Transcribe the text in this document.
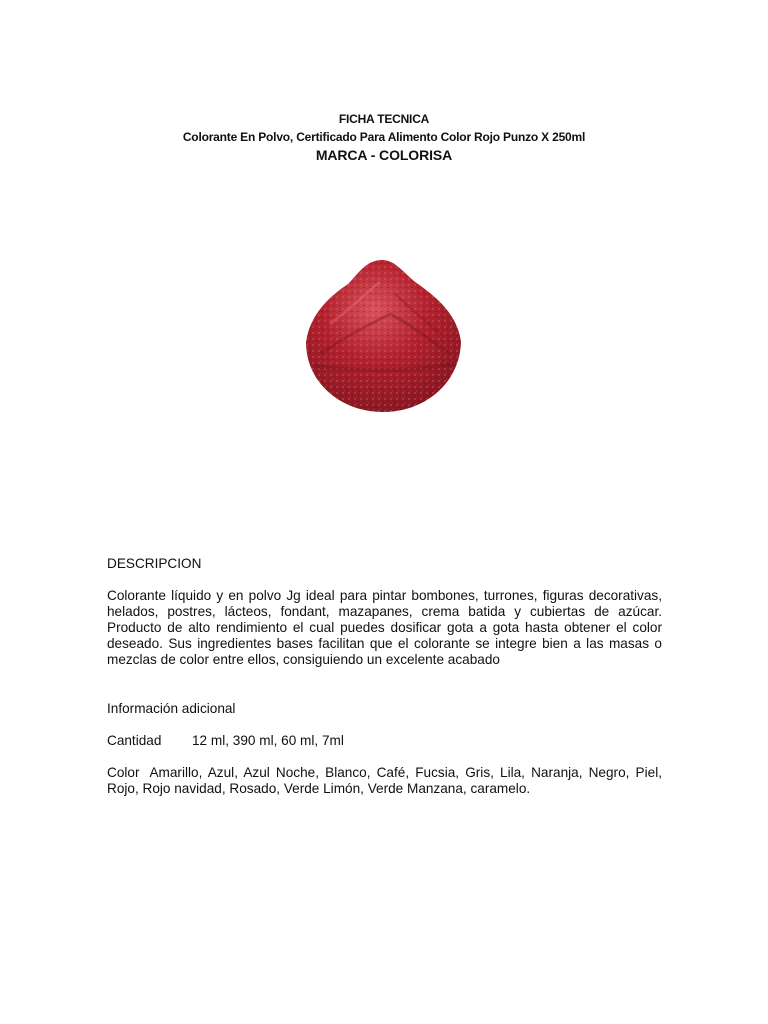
FICHA TECNICA
Colorante En Polvo, Certificado Para Alimento Color Rojo Punzo X 250ml
MARCA - COLORISA
DESCRIPCION
Colorante líquido y en polvo Jg ideal para pintar bombones, turrones, figuras decorativas, helados, postres, lácteos, fondant, mazapanes, crema batida y cubiertas de azúcar. Producto de alto rendimiento el cual puedes dosificar gota a gota hasta obtener el color deseado. Sus ingredientes bases facilitan que el colorante se integre bien a las masas o mezclas de color entre ellos, consiguiendo un excelente acabado
Información adicional
Cantidad 12 ml, 390 ml, 60 ml, 7ml
Color Amarillo, Azul, Azul Noche, Blanco, Café, Fucsia, Gris, Lila, Naranja, Negro, Piel, Rojo, Rojo navidad, Rosado, Verde Limón, Verde Manzana, caramelo.
